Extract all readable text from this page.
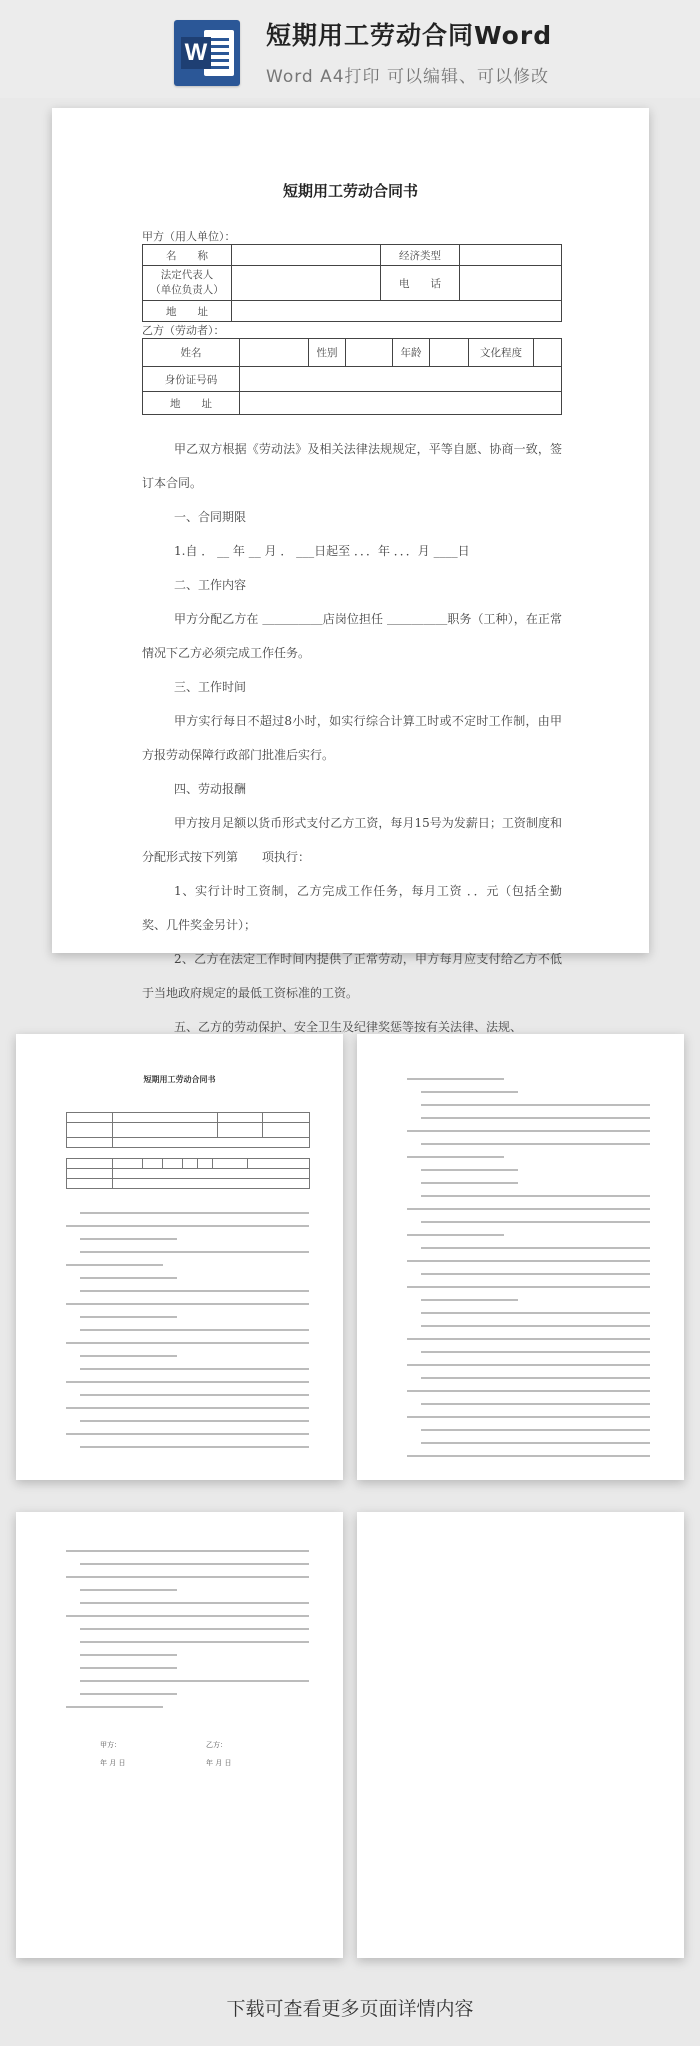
W
短期用工劳动合同Word
Word A4打印 可以编辑、可以修改
短期用工劳动合同书
甲方（用人单位）：
名　　称		经济类型	

法定代表人
（单位负责人）		电　　话	
地　　址			
乙方（劳动者）：
姓名		性别		年龄		文化程度	
身份证号码							
地　　址							

甲乙双方根据《劳动法》及相关法律法规规定，平等自愿、协商一致，签订本合同。

一、合同期限

1.自 ． __ 年 __ 月 ． ___日起至 ．．．年 ．．．月 ____日

二、工作内容

甲方分配乙方在 ＿＿＿＿＿店岗位担任 ＿＿＿＿＿职务（工种），在正常情况下乙方必须完成工作任务。

三、工作时间

甲方实行每日不超过8小时，如实行综合计算工时或不定时工作制，由甲方报劳动保障行政部门批准后实行。

四、劳动报酬

甲方按月足额以货币形式支付乙方工资，每月15号为发薪日；工资制度和分配形式按下列第　　项执行：

1、实行计时工资制，乙方完成工作任务，每月工资 ．．元（包括全勤奖、几件奖金另计）；

2、乙方在法定工作时间内提供了正常劳动，甲方每月应支付给乙方不低于当地政府规定的最低工资标准的工资。

五、乙方的劳动保护、安全卫生及纪律奖惩等按有关法律、法规、

短期用工劳动合同书
甲方：	乙方：
年 月 日	年 月 日
下载可查看更多页面详情内容
